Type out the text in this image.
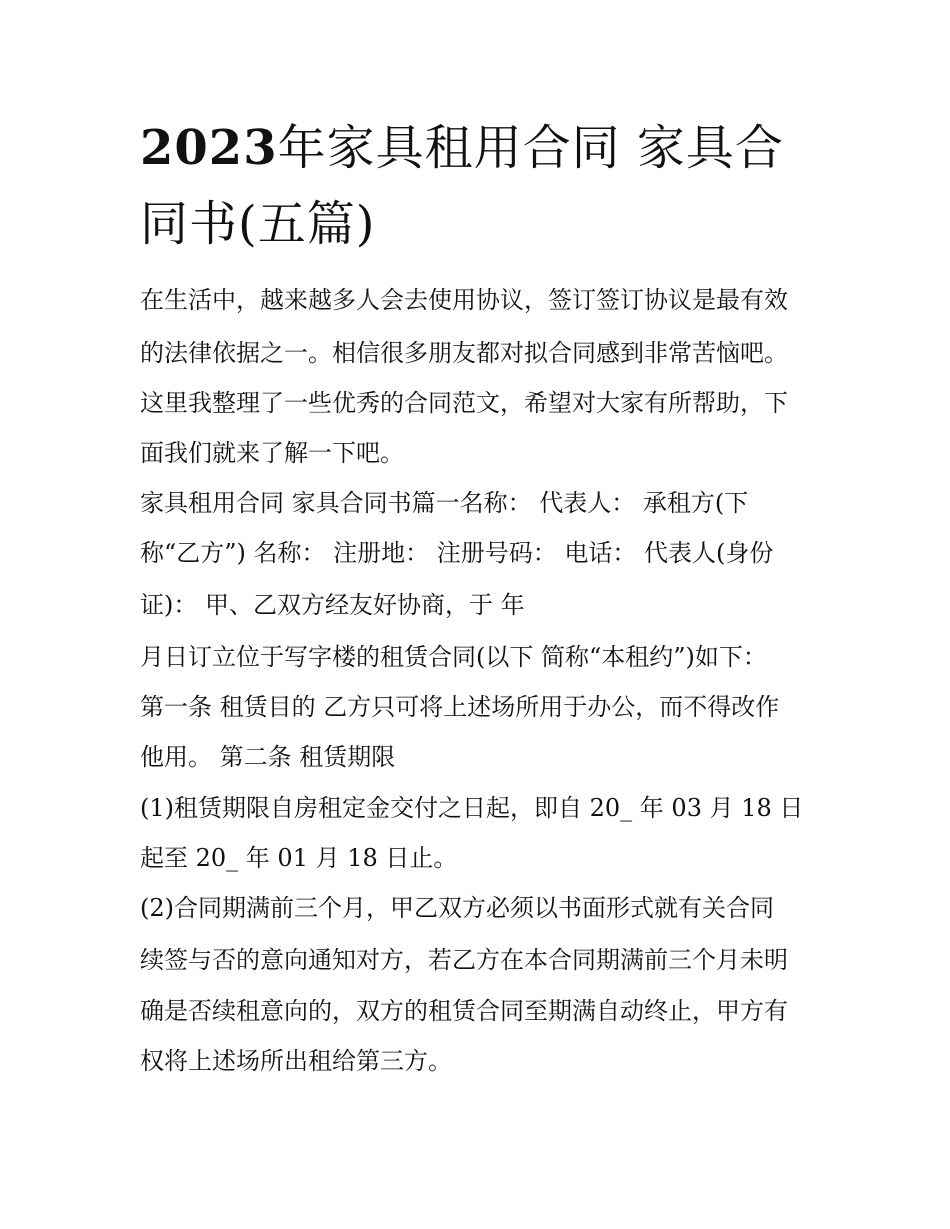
2023年家具租用合同 家具合同书(五篇)

在生活中，越来越多人会去使用协议，签订签订协议是最有效

的法律依据之一。相信很多朋友都对拟合同感到非常苦恼吧。

这里我整理了一些优秀的合同范文，希望对大家有所帮助，下

面我们就来了解一下吧。

家具租用合同 家具合同书篇一名称： 代表人： 承租方(下

称“乙方”) 名称： 注册地： 注册号码： 电话： 代表人(身份

证)： 甲、乙双方经友好协商，于 年

月日订立位于写字楼的租赁合同(以下 简称“本租约”)如下：

第一条 租赁目的 乙方只可将上述场所用于办公，而不得改作

他用。 第二条 租赁期限

(1)租赁期限自房租定金交付之日起，即自 20_ 年 03 月 18 日

起至 20_ 年 01 月 18 日止。

(2)合同期满前三个月，甲乙双方必须以书面形式就有关合同

续签与否的意向通知对方，若乙方在本合同期满前三个月未明

确是否续租意向的，双方的租赁合同至期满自动终止，甲方有

权将上述场所出租给第三方。
